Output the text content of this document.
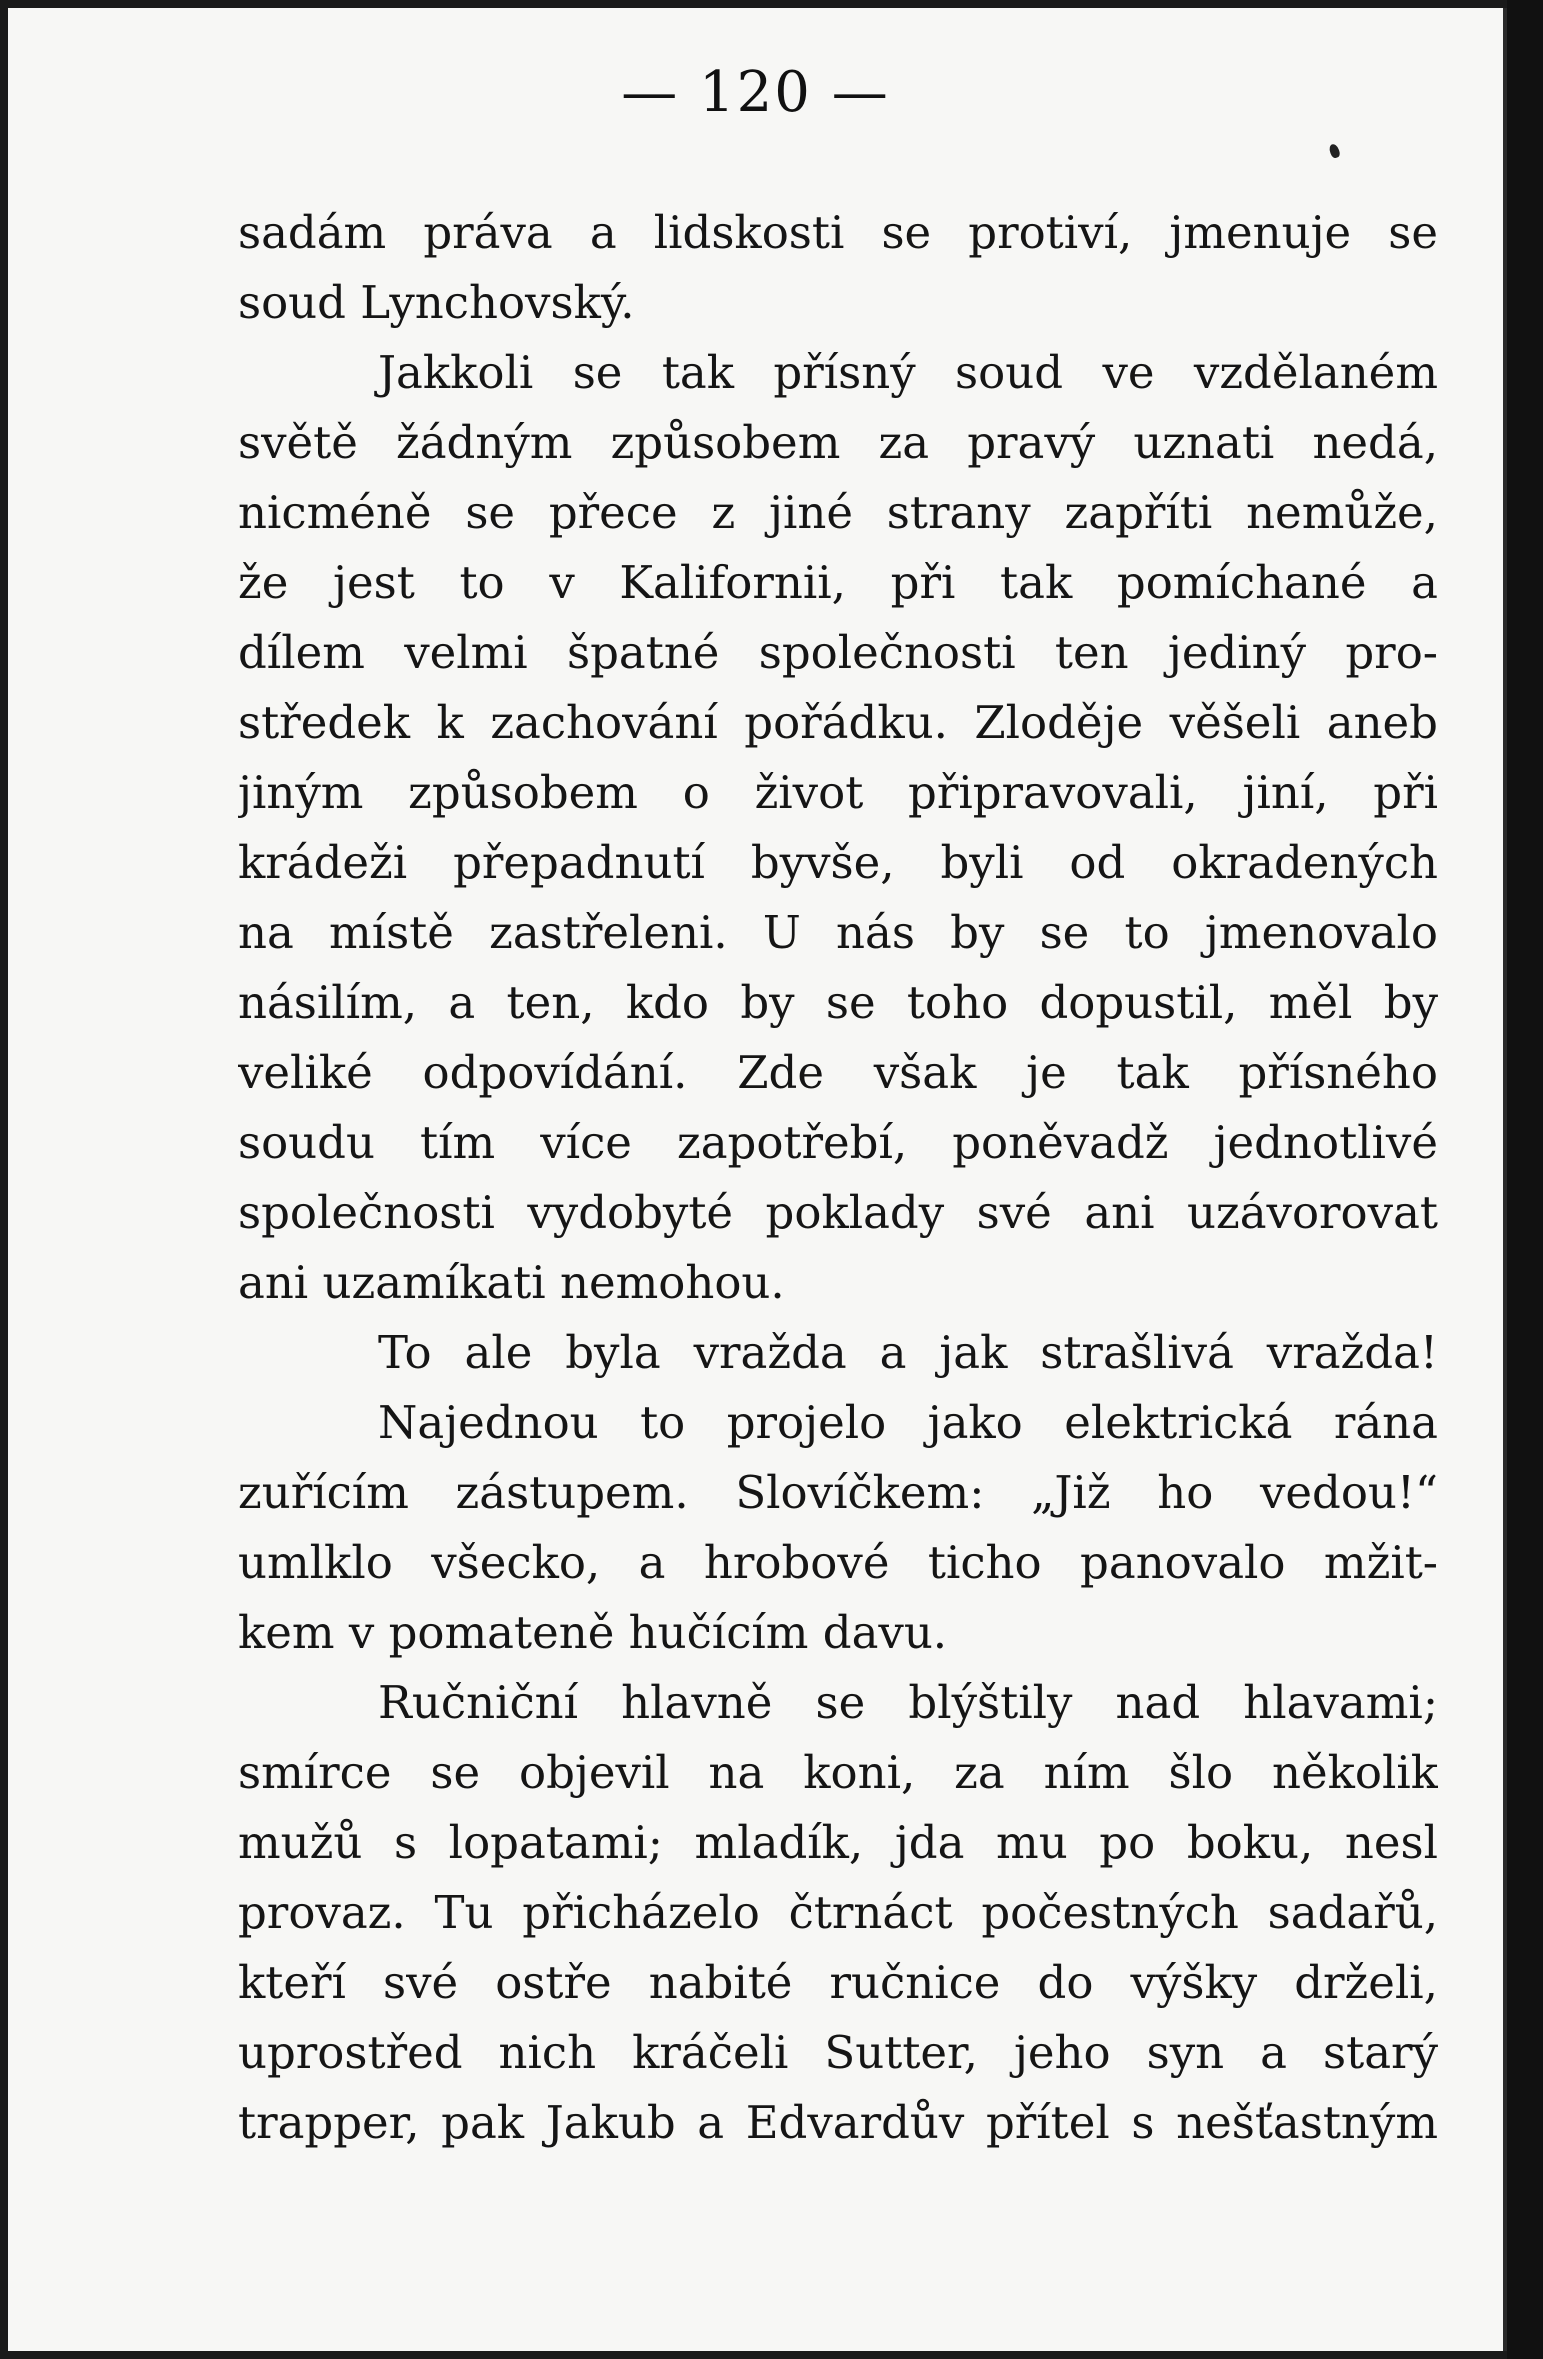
— 120 —
sadám práva a lidskosti se protiví, jmenuje se
soud Lynchovský.
Jakkoli se tak přísný soud ve vzdělaném
světě žádným způsobem za pravý uznati nedá,
nicméně se přece z jiné strany zapříti nemůže,
že jest to v Kalifornii, při tak pomíchané a
dílem velmi špatné společnosti ten jediný pro-
středek k zachování pořádku. Zloděje věšeli aneb
jiným způsobem o život připravovali, jiní, při
krádeži přepadnutí byvše, byli od okradených
na místě zastřeleni. U nás by se to jmenovalo
násilím, a ten, kdo by se toho dopustil, měl by
veliké odpovídání. Zde však je tak přísného
soudu tím více zapotřebí, poněvadž jednotlivé
společnosti vydobyté poklady své ani uzávorovat
ani uzamíkati nemohou.
To ale byla vražda a jak strašlivá vražda!
Najednou to projelo jako elektrická rána
zuřícím zástupem. Slovíčkem: „Již ho vedou!“
umlklo všecko, a hrobové ticho panovalo mžit-
kem v pomateně hučícím davu.
Ručniční hlavně se blýštily nad hlavami;
smírce se objevil na koni, za ním šlo několik
mužů s lopatami; mladík, jda mu po boku, nesl
provaz. Tu přicházelo čtrnáct počestných sadařů,
kteří své ostře nabité ručnice do výšky drželi,
uprostřed nich kráčeli Sutter, jeho syn a starý
trapper, pak Jakub a Edvardův přítel s nešťastným
